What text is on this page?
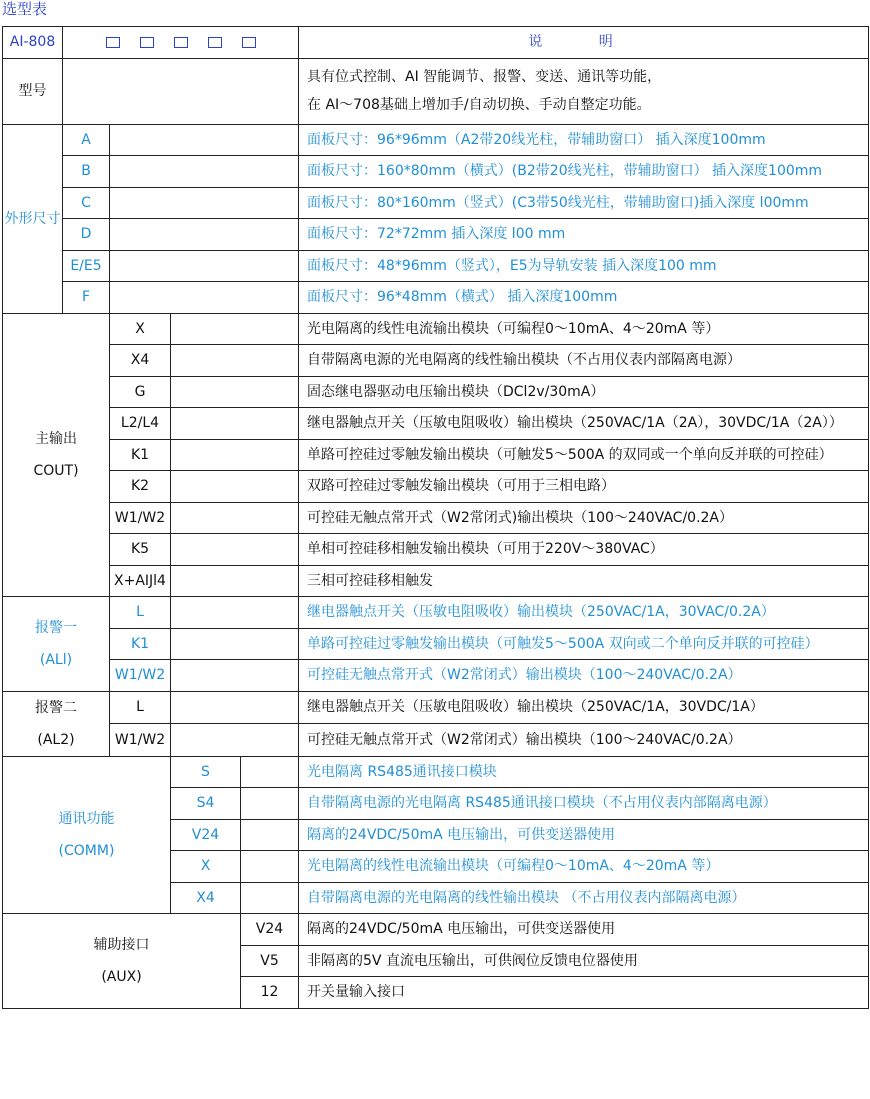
选型表
AI-808					说 明
型号					具有位式控制、AI 智能调节、报警、变送、通讯等功能，
在 AI～708基础上增加手/自动切换、手动自整定功能。

外形尺寸	A				面板尺寸：96*96mm（A2带20线光柱，带辅助窗口） 插入深度100mm
	B				面板尺寸：160*80mm（横式）(B2带20线光柱，带辅助窗口） 插入深度100mm
	C				面板尺寸：80*160mm（竖式）(C3带50线光柱，带辅助窗口)插入深度 l00mm
	D				面板尺寸：72*72mm 插入深度 l00 mm
	E/E5				面板尺寸：48*96mm（竖式），E5为导轨安装 插入深度100 mm
	F				面板尺寸：96*48mm（横式） 插入深度100mm

主输出
COUT)		X			光电隔离的线性电流输出模块（可编程0～10mA、4～20mA 等）
		X4			自带隔离电源的光电隔离的线性输出模块（不占用仪表内部隔离电源）
		G			固态继电器驱动电压输出模块（DCl2v/30mA）
		L2/L4			继电器触点开关（压敏电阻吸收）输出模块（250VAC/1A（2A），30VDC/1A（2A））
		K1			单路可控硅过零触发输出模块（可触发5～500A 的双同或一个单向反并联的可控硅）
		K2			双路可控硅过零触发输出模块（可用于三相电路）
		W1/W2			可控硅无触点常开式（W2常闭式)输出模块（100～240VAC/0.2A）
		K5			单相可控硅移相触发输出模块（可用于220V～380VAC）
		X+AIJl4			三相可控硅移相触发

报警一
(ALl)		L			继电器触点开关（压敏电阻吸收）输出模块（250VAC/1A，30VAC/0.2A）
		K1			单路可控硅过零触发输出模块（可触发5～500A 双向或二个单向反并联的可控硅）
		W1/W2			可控硅无触点常开式（W2常闭式）输出模块（100～240VAC/0.2A）

报警二
(AL2)		L			继电器触点开关（压敏电阻吸收）输出模块（250VAC/1A，30VDC/1A）
		W1/W2			可控硅无触点常开式（W2常闭式）输出模块（100～240VAC/0.2A）

通讯功能
(COMM)			S		光电隔离 RS485通讯接口模块
			S4		自带隔离电源的光电隔离 RS485通讯接口模块（不占用仪表内部隔离电源）
			V24		隔离的24VDC/50mA 电压输出，可供变送器使用
			X		光电隔离的线性电流输出模块（可编程0～10mA、4～20mA 等）
			X4		自带隔离电源的光电隔离的线性输出模块 （不占用仪表内部隔离电源）

辅助接口
(AUX)				V24	隔离的24VDC/50mA 电压输出，可供变送器使用
				V5	非隔离的5V 直流电压输出，可供阀位反馈电位器使用
				12	开关量输入接口
